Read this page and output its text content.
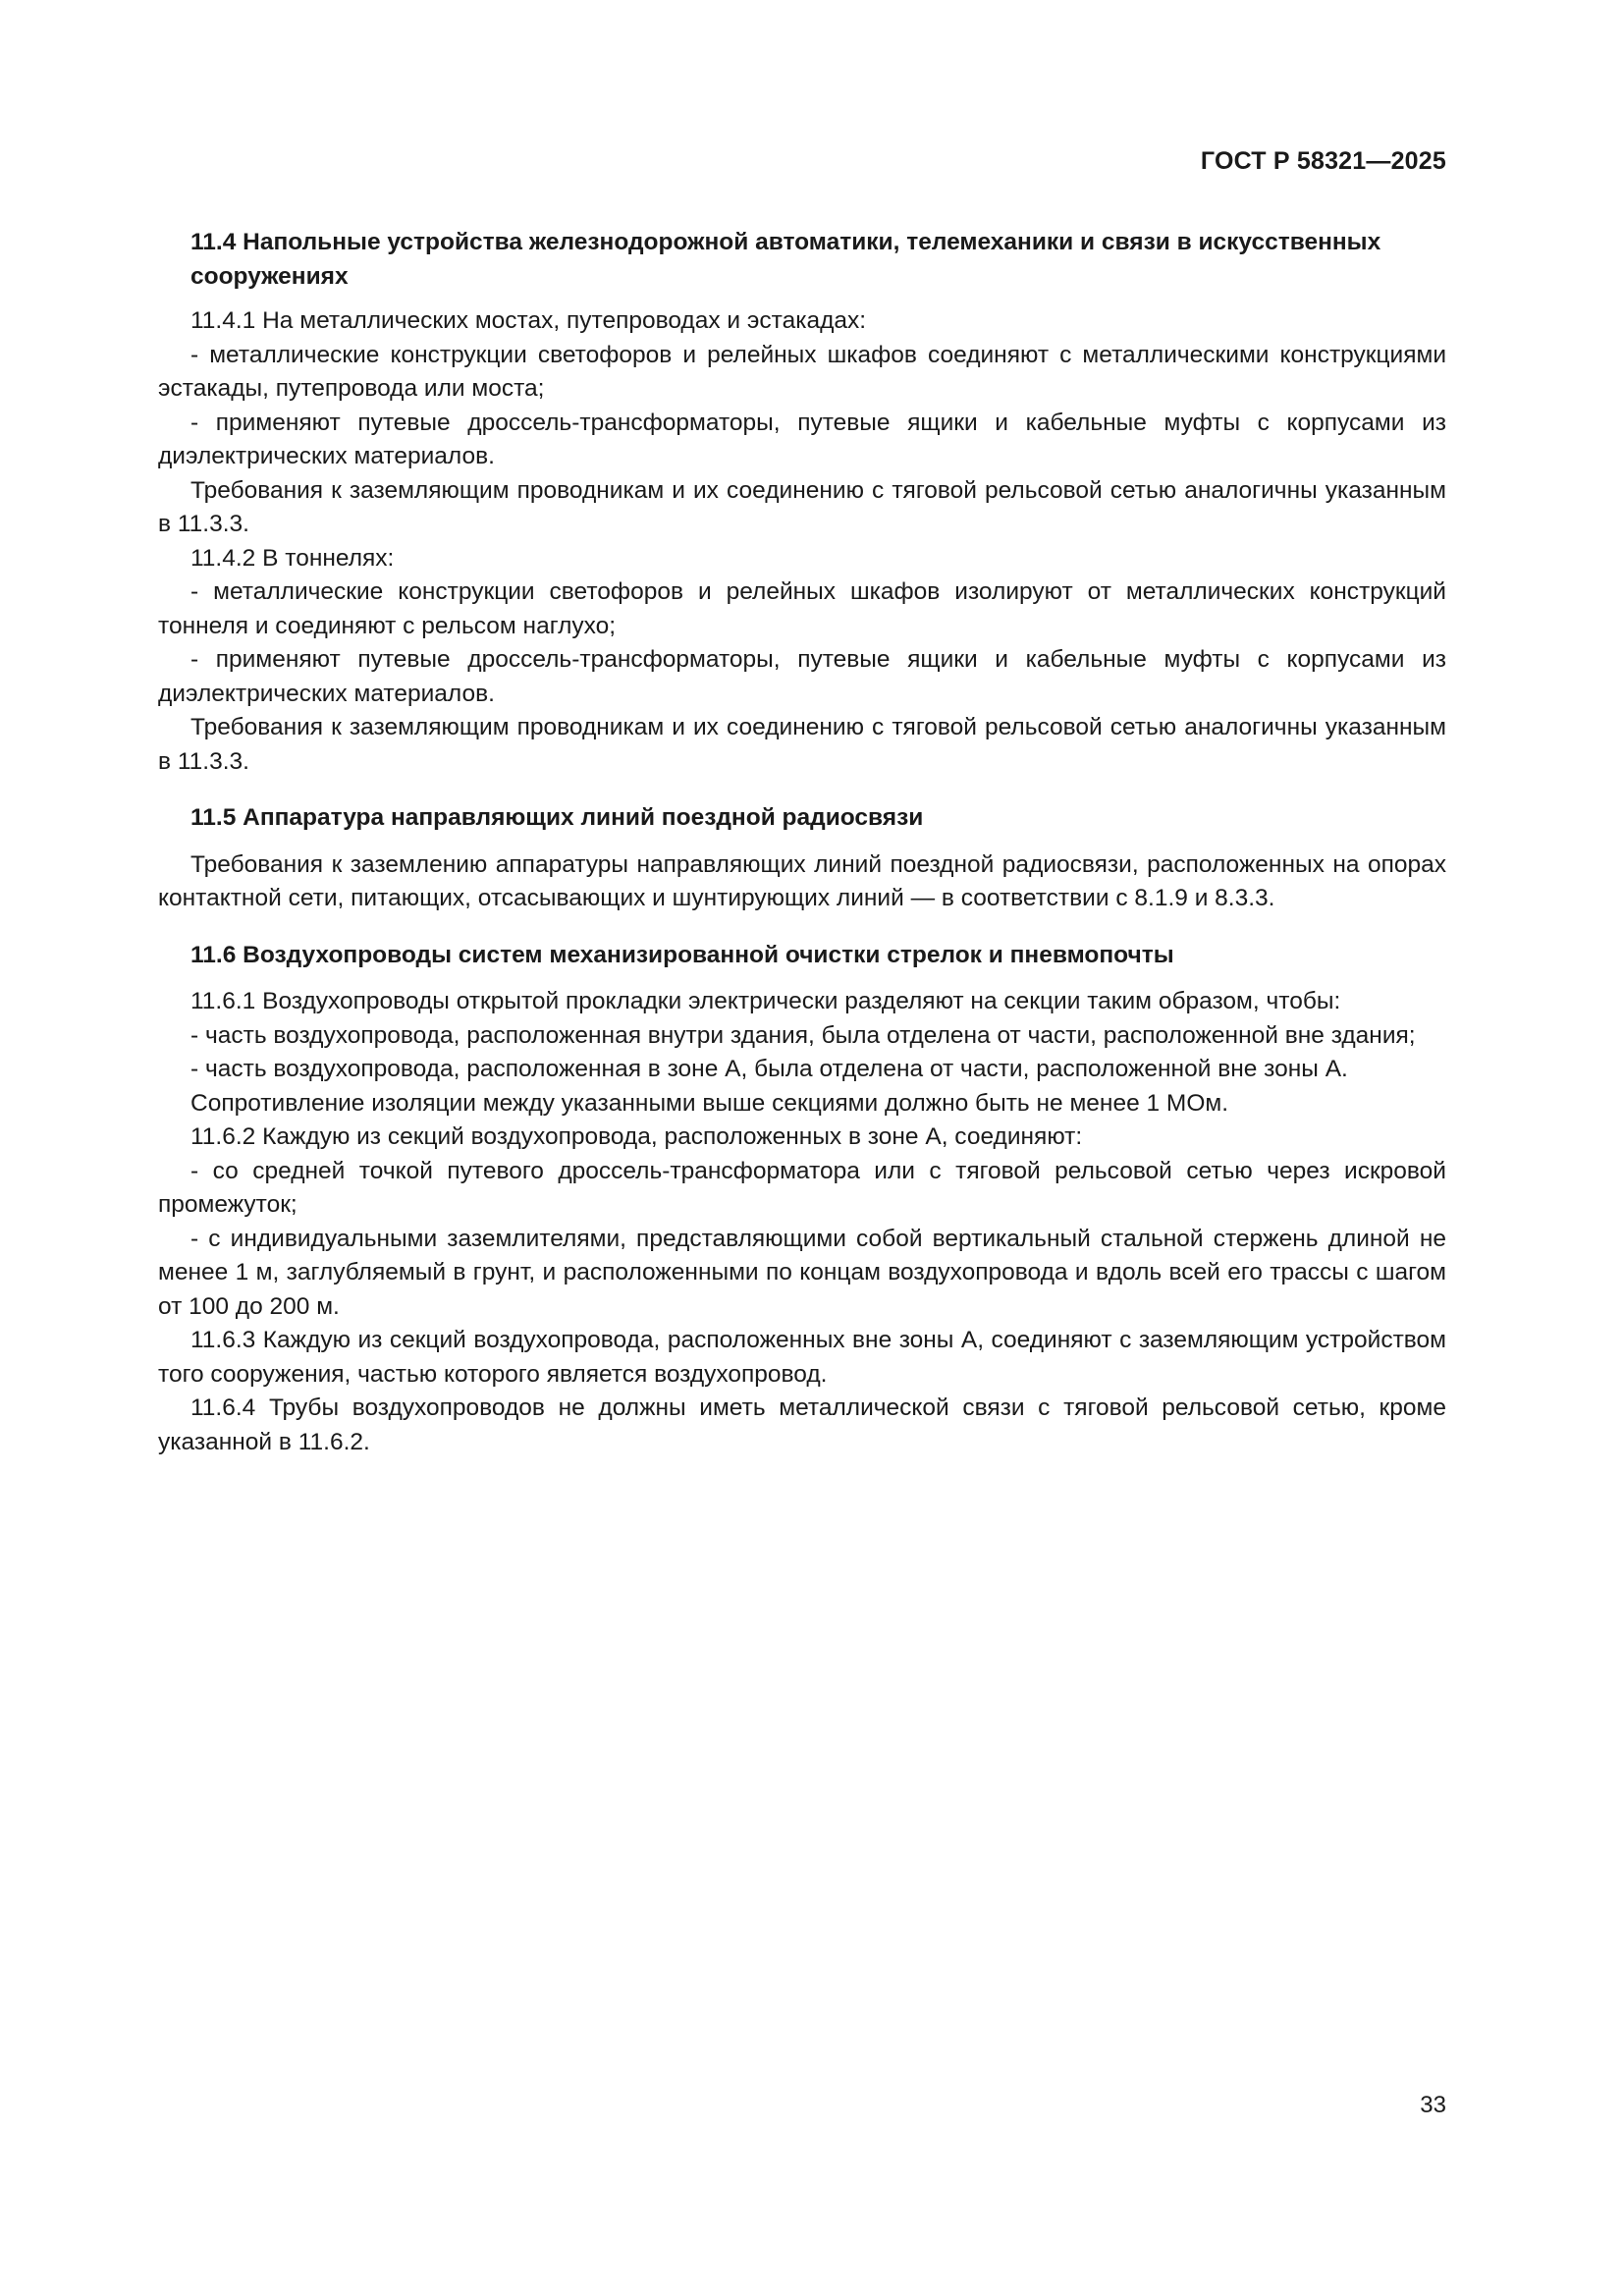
ГОСТ Р 58321—2025
11.4 Напольные устройства железнодорожной автоматики, телемеханики и связи в искусственных сооружениях

11.4.1 На металлических мостах, путепроводах и эстакадах:

- металлические конструкции светофоров и релейных шкафов соединяют с металлическими конструкциями эстакады, путепровода или моста;

- применяют путевые дроссель-трансформаторы, путевые ящики и кабельные муфты с корпусами из диэлектрических материалов.

Требования к заземляющим проводникам и их соединению с тяговой рельсовой сетью аналогичны указанным в 11.3.3.

11.4.2 В тоннелях:

- металлические конструкции светофоров и релейных шкафов изолируют от металлических конструкций тоннеля и соединяют с рельсом наглухо;

- применяют путевые дроссель-трансформаторы, путевые ящики и кабельные муфты с корпусами из диэлектрических материалов.

Требования к заземляющим проводникам и их соединению с тяговой рельсовой сетью аналогичны указанным в 11.3.3.

11.5 Аппаратура направляющих линий поездной радиосвязи

Требования к заземлению аппаратуры направляющих линий поездной радиосвязи, расположенных на опорах контактной сети, питающих, отсасывающих и шунтирующих линий — в соответствии с 8.1.9 и 8.3.3.

11.6 Воздухопроводы систем механизированной очистки стрелок и пневмопочты

11.6.1 Воздухопроводы открытой прокладки электрически разделяют на секции таким образом, чтобы:

- часть воздухопровода, расположенная внутри здания, была отделена от части, расположенной вне здания;

- часть воздухопровода, расположенная в зоне А, была отделена от части, расположенной вне зоны А.

Сопротивление изоляции между указанными выше секциями должно быть не менее 1 МОм.

11.6.2 Каждую из секций воздухопровода, расположенных в зоне А, соединяют:

- со средней точкой путевого дроссель-трансформатора или с тяговой рельсовой сетью через искровой промежуток;

- с индивидуальными заземлителями, представляющими собой вертикальный стальной стержень длиной не менее 1 м, заглубляемый в грунт, и расположенными по концам воздухопровода и вдоль всей его трассы с шагом от 100 до 200 м.

11.6.3 Каждую из секций воздухопровода, расположенных вне зоны А, соединяют с заземляющим устройством того сооружения, частью которого является воздухопровод.

11.6.4 Трубы воздухопроводов не должны иметь металлической связи с тяговой рельсовой сетью, кроме указанной в 11.6.2.

33
